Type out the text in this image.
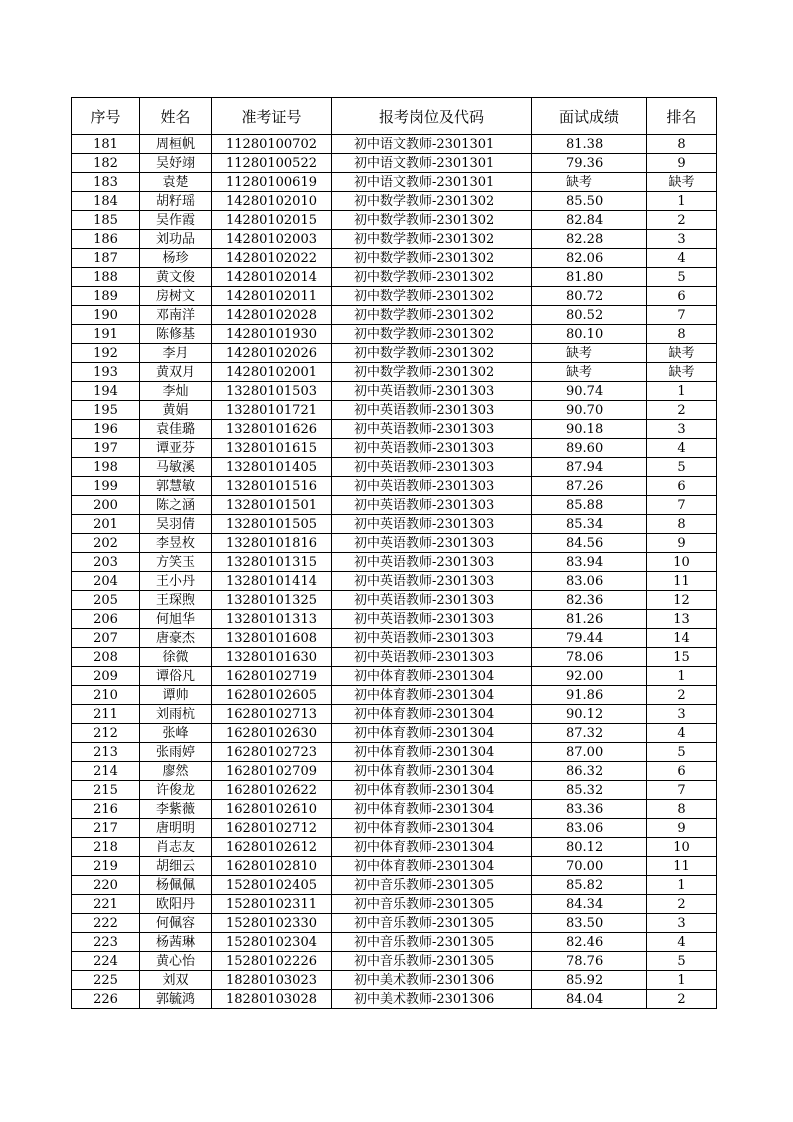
序号	姓名	准考证号	报考岗位及代码	面试成绩	排名
181	周桓帆	11280100702	初中语文教师-2301301	81.38	8
182	吴妤翊	11280100522	初中语文教师-2301301	79.36	9
183	袁楚	11280100619	初中语文教师-2301301	缺考	缺考
184	胡籽瑶	14280102010	初中数学教师-2301302	85.50	1
185	吴作霞	14280102015	初中数学教师-2301302	82.84	2
186	刘功品	14280102003	初中数学教师-2301302	82.28	3
187	杨珍	14280102022	初中数学教师-2301302	82.06	4
188	黄文俊	14280102014	初中数学教师-2301302	81.80	5
189	房树文	14280102011	初中数学教师-2301302	80.72	6
190	邓南洋	14280102028	初中数学教师-2301302	80.52	7
191	陈修基	14280101930	初中数学教师-2301302	80.10	8
192	李月	14280102026	初中数学教师-2301302	缺考	缺考
193	黄双月	14280102001	初中数学教师-2301302	缺考	缺考
194	李灿	13280101503	初中英语教师-2301303	90.74	1
195	黄娟	13280101721	初中英语教师-2301303	90.70	2
196	袁佳璐	13280101626	初中英语教师-2301303	90.18	3
197	谭亚芬	13280101615	初中英语教师-2301303	89.60	4
198	马敏溪	13280101405	初中英语教师-2301303	87.94	5
199	郭慧敏	13280101516	初中英语教师-2301303	87.26	6
200	陈之涵	13280101501	初中英语教师-2301303	85.88	7
201	吴羽倩	13280101505	初中英语教师-2301303	85.34	8
202	李昱枚	13280101816	初中英语教师-2301303	84.56	9
203	方笑玉	13280101315	初中英语教师-2301303	83.94	10
204	王小丹	13280101414	初中英语教师-2301303	83.06	11
205	王琛煦	13280101325	初中英语教师-2301303	82.36	12
206	何旭华	13280101313	初中英语教师-2301303	81.26	13
207	唐豪杰	13280101608	初中英语教师-2301303	79.44	14
208	徐微	13280101630	初中英语教师-2301303	78.06	15
209	谭俗凡	16280102719	初中体育教师-2301304	92.00	1
210	谭帅	16280102605	初中体育教师-2301304	91.86	2
211	刘雨杭	16280102713	初中体育教师-2301304	90.12	3
212	张峰	16280102630	初中体育教师-2301304	87.32	4
213	张雨婷	16280102723	初中体育教师-2301304	87.00	5
214	廖然	16280102709	初中体育教师-2301304	86.32	6
215	许俊龙	16280102622	初中体育教师-2301304	85.32	7
216	李紫薇	16280102610	初中体育教师-2301304	83.36	8
217	唐明明	16280102712	初中体育教师-2301304	83.06	9
218	肖志友	16280102612	初中体育教师-2301304	80.12	10
219	胡细云	16280102810	初中体育教师-2301304	70.00	11
220	杨佩佩	15280102405	初中音乐教师-2301305	85.82	1
221	欧阳丹	15280102311	初中音乐教师-2301305	84.34	2
222	何佩容	15280102330	初中音乐教师-2301305	83.50	3
223	杨茜琳	15280102304	初中音乐教师-2301305	82.46	4
224	黄心怡	15280102226	初中音乐教师-2301305	78.76	5
225	刘双	18280103023	初中美术教师-2301306	85.92	1
226	郭毓鸿	18280103028	初中美术教师-2301306	84.04	2
